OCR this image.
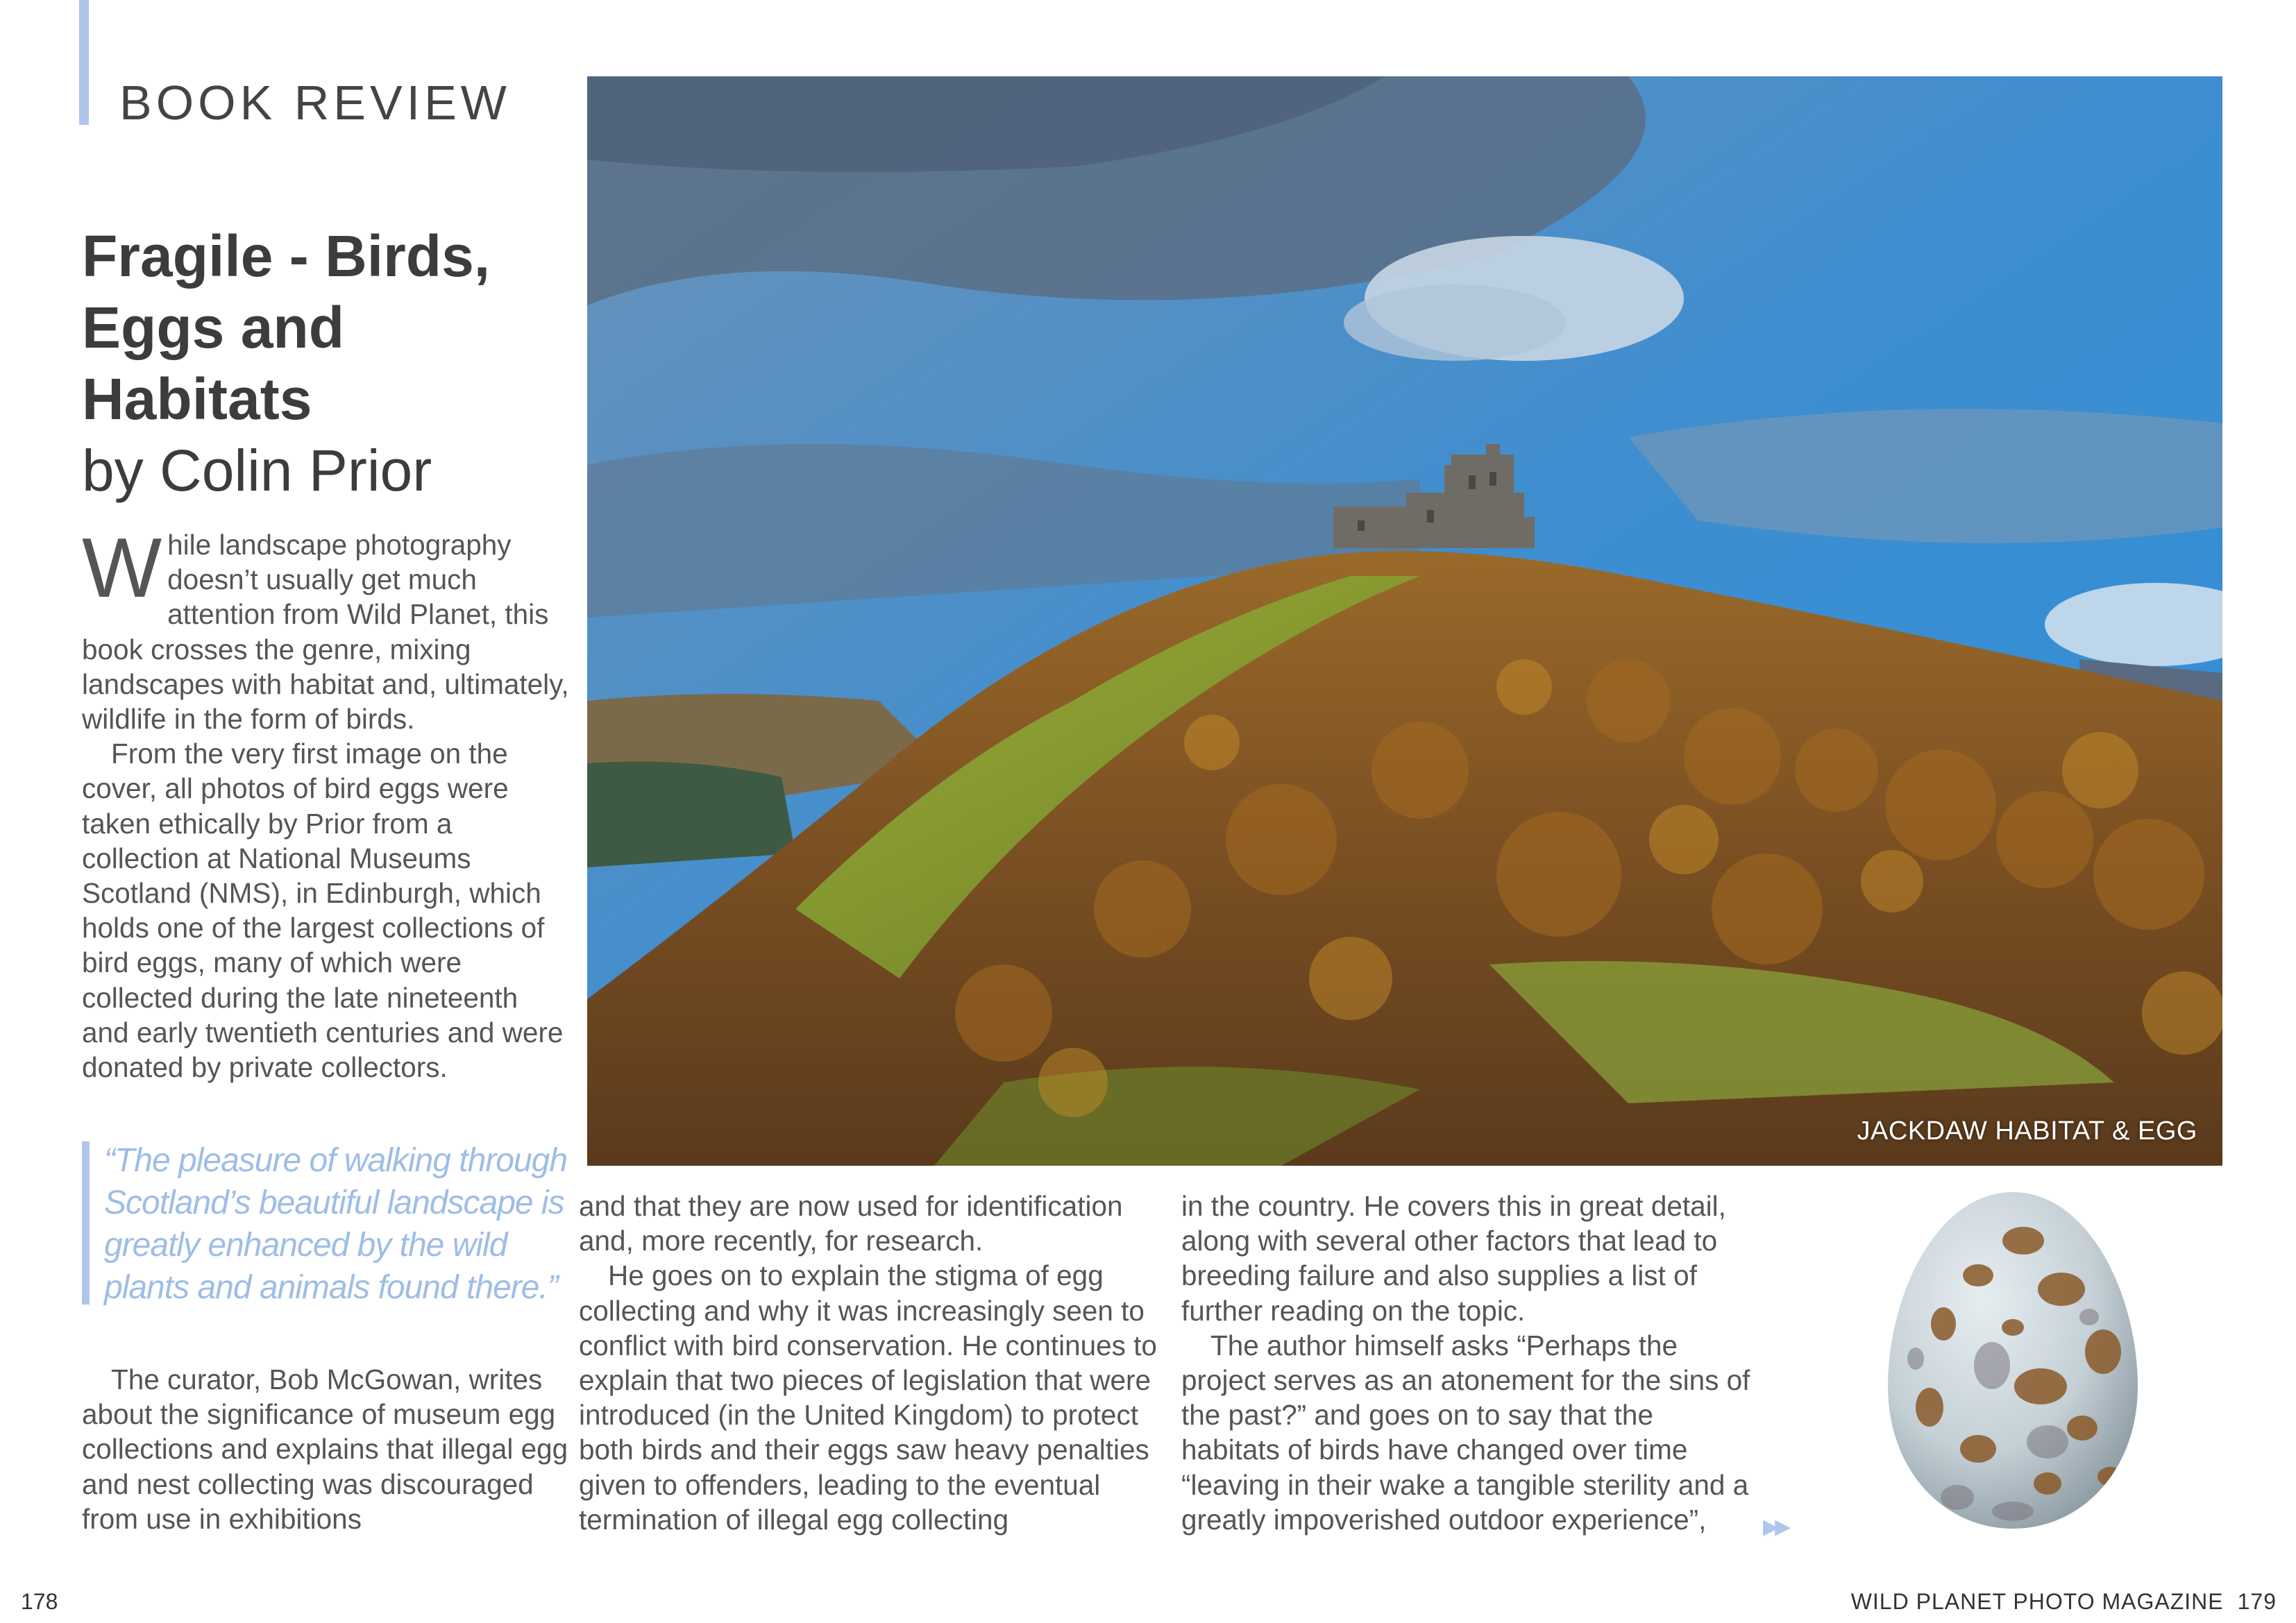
BOOK REVIEW
Fragile - Birds,
Eggs and Habitats
by Colin Prior

While landscape photography doesn’t usually get much attention from Wild Planet, this book crosses the genre, mixing landscapes with habitat and, ultimately, wildlife in the form of birds.

From the very first image on the cover, all photos of bird eggs were taken ethically by Prior from a collection at National Museums Scotland (NMS), in Edinburgh, which holds one of the largest collections of bird eggs, many of which were collected during the late nineteenth and early twentieth centuries and were donated by private collectors.

“The pleasure of walking through Scotland’s beautiful landscape is greatly enhanced by the wild plants and animals found there.”

The curator, Bob McGowan, writes about the significance of museum egg collections and explains that illegal egg and nest collecting was discouraged from use in exhibitions

and that they are now used for identification and, more recently, for research.

He goes on to explain the stigma of egg collecting and why it was increasingly seen to conflict with bird conservation. He continues to explain that two pieces of legislation that were introduced (in the United Kingdom) to protect both birds and their eggs saw heavy penalties given to offenders, leading to the eventual termination of illegal egg collecting

in the country. He covers this in great detail, along with several other factors that lead to breeding failure and also supplies a list of further reading on the topic.

The author himself asks “Perhaps the project serves as an atonement for the sins of the past?” and goes on to say that the habitats of birds have changed over time “leaving in their wake a tangible sterility and a greatly impoverished outdoor experience”,	▶▶
JACKDAW HABITAT & EGG
178	WILD PLANET PHOTO MAGAZINE 179
